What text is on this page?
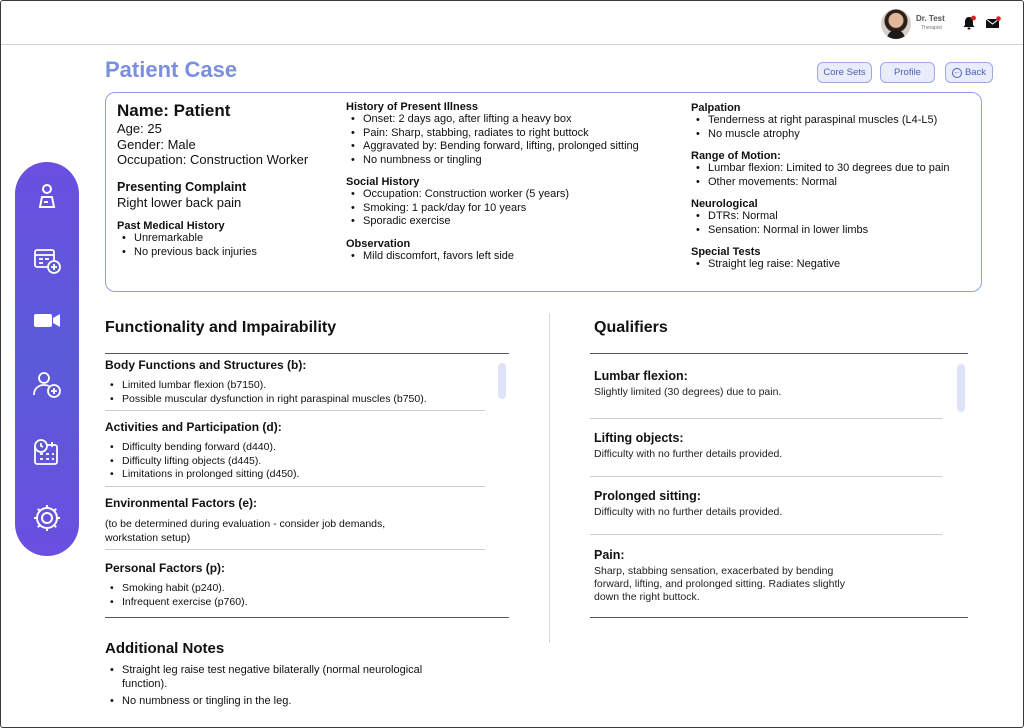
Dr. Test
Therapist
Patient Case	Core Sets	Profile	← Back
Name: Patient
Age: 25
Gender: Male
Occupation: Construction Worker
Presenting Complaint
Right lower back pain
Past Medical History
• Unremarkable
• No previous back injuries
History of Present Illness
• Onset: 2 days ago, after lifting a heavy box
• Pain: Sharp, stabbing, radiates to right buttock
• Aggravated by: Bending forward, lifting, prolonged sitting
• No numbness or tingling
Social History
• Occupation: Construction worker (5 years)
• Smoking: 1 pack/day for 10 years
• Sporadic exercise
Observation
• Mild discomfort, favors left side
Palpation
• Tenderness at right paraspinal muscles (L4-L5)
• No muscle atrophy
Range of Motion:
• Lumbar flexion: Limited to 30 degrees due to pain
• Other movements: Normal
Neurological
• DTRs: Normal
• Sensation: Normal in lower limbs
Special Tests
• Straight leg raise: Negative
Functionality and Impairability
Body Functions and Structures (b):
• Limited lumbar flexion (b7150).
• Possible muscular dysfunction in right paraspinal muscles (b750).
Activities and Participation (d):
• Difficulty bending forward (d440).
• Difficulty lifting objects (d445).
• Limitations in prolonged sitting (d450).
Environmental Factors (e):
(to be determined during evaluation - consider job demands,
workstation setup)
Personal Factors (p):
• Smoking habit (p240).
• Infrequent exercise (p760).
Qualifiers
Lumbar flexion:
Slightly limited (30 degrees) due to pain.
Lifting objects:
Difficulty with no further details provided.
Prolonged sitting:
Difficulty with no further details provided.
Pain:
Sharp, stabbing sensation, exacerbated by bending
forward, lifting, and prolonged sitting. Radiates slightly
down the right buttock.
Additional Notes
• Straight leg raise test negative bilaterally (normal neurological
function).
• No numbness or tingling in the leg.
